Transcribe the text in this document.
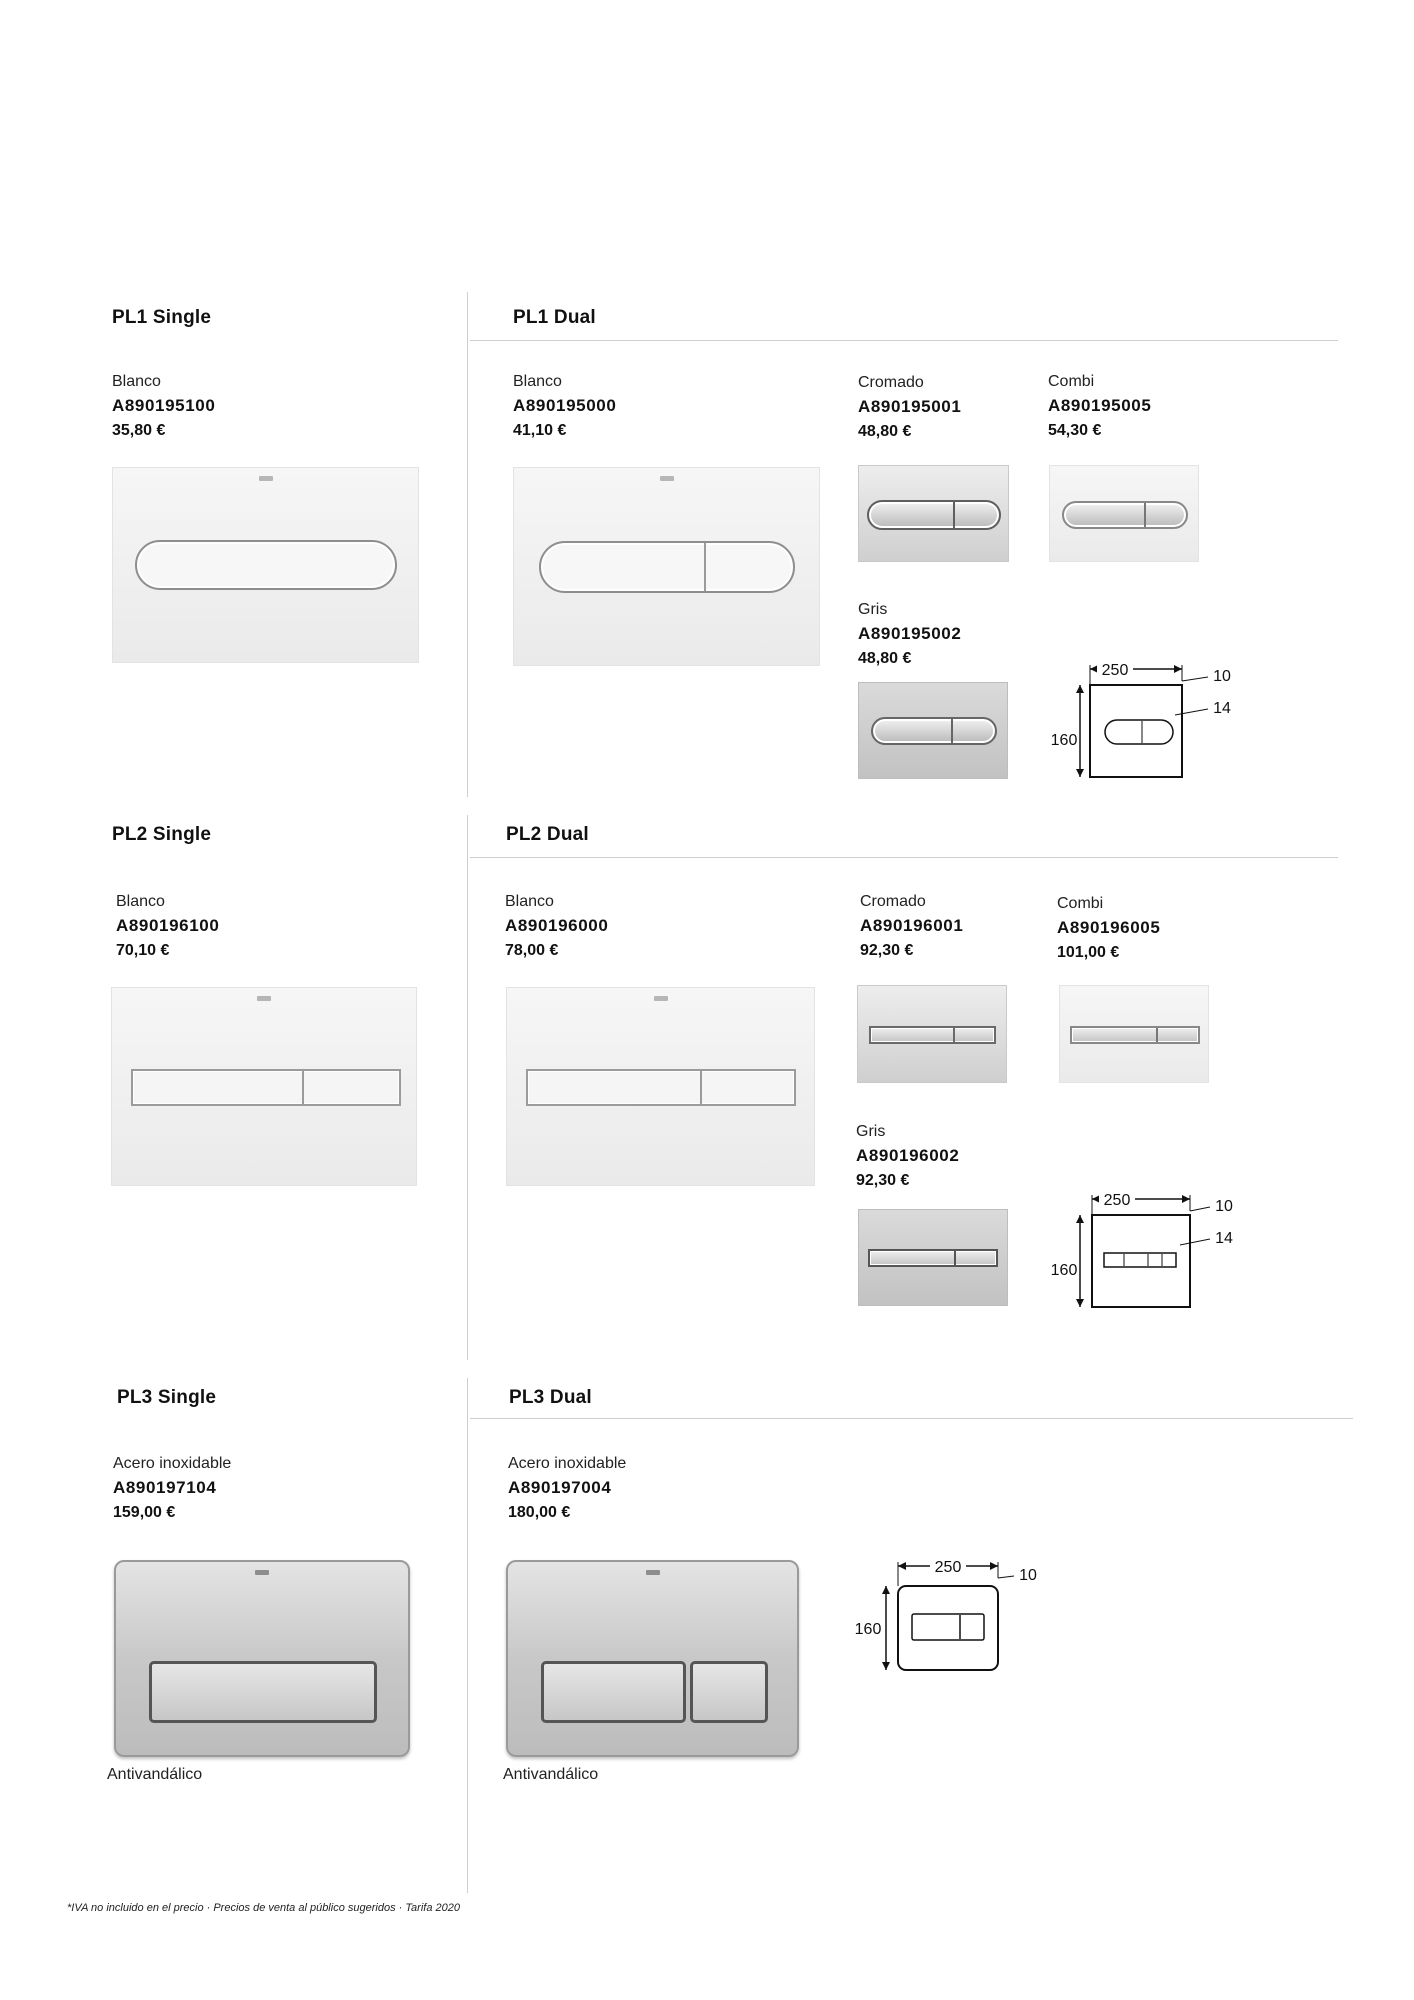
PL1 Single	PL1 Dual
Blanco
A890195100
35,80 €
Blanco
A890195000
41,10 €
Cromado
A890195001
48,80 €
Combi
A890195005
54,30 €
Gris
A890195002
48,80 €
250
160
10
14
PL2 Single	PL2 Dual
Blanco
A890196100
70,10 €
Blanco
A890196000
78,00 €
Cromado
A890196001
92,30 €
Combi
A890196005
101,00 €
Gris
A890196002
92,30 €
250
160
10
14
PL3 Single	PL3 Dual
Acero inoxidable
A890197104
159,00 €
Antivandálico
Acero inoxidable
A890197004
180,00 €
Antivandálico
250
160
10
*IVA no incluido en el precio · Precios de venta al público sugeridos · Tarifa 2020
